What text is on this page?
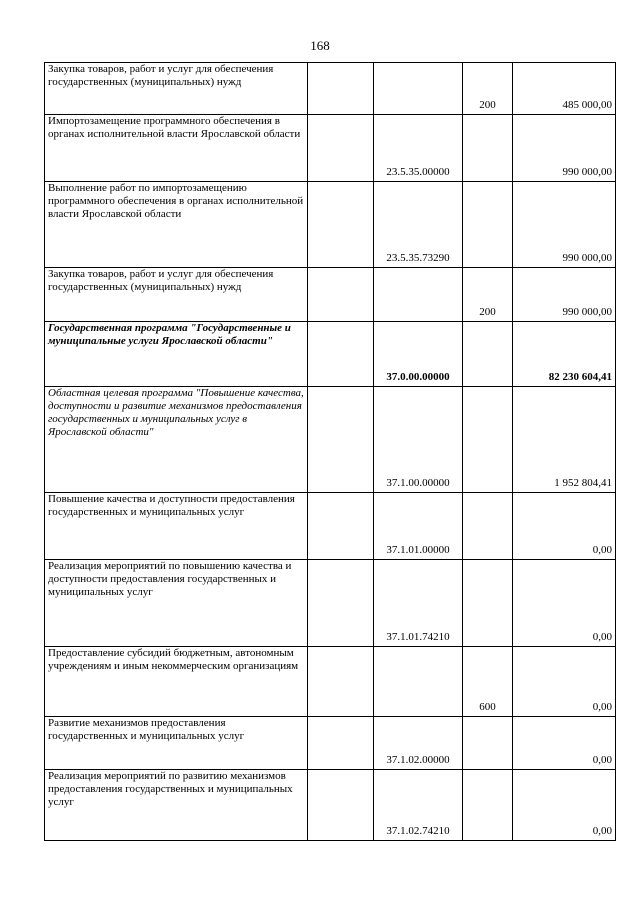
168
Закупка товаров, работ и услуг для обеспечения государственных (муниципальных) нужд			200	485 000,00
Импортозамещение программного обеспечения в органах исполнительной власти Ярославской области		23.5.35.00000		990 000,00
Выполнение работ по импортозамещению программного обеспечения в органах исполнительной власти Ярославской области		23.5.35.73290		990 000,00
Закупка товаров, работ и услуг для обеспечения государственных (муниципальных) нужд			200	990 000,00
Государственная программа "Государственные и муниципальные услуги Ярославской области"		37.0.00.00000		82 230 604,41
Областная целевая программа "Повышение качества, доступности и развитие механизмов предоставления государственных и муниципальных услуг в Ярославской области"		37.1.00.00000		1 952 804,41
Повышение качества и доступности предоставления государственных и муниципальных услуг		37.1.01.00000		0,00
Реализация мероприятий по повышению качества и доступности предоставления государственных и муниципальных услуг		37.1.01.74210		0,00
Предоставление субсидий бюджетным, автономным учреждениям и иным некоммерческим организациям			600	0,00
Развитие механизмов предоставления государственных и муниципальных услуг		37.1.02.00000		0,00
Реализация мероприятий по развитию механизмов предоставления государственных и муниципальных услуг		37.1.02.74210		0,00
